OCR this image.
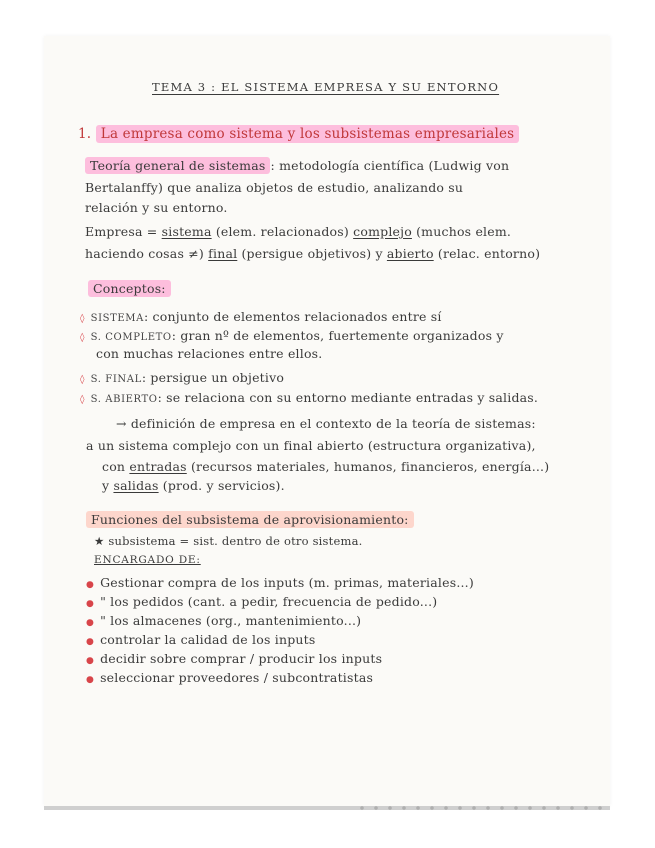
TEMA 3 : EL SISTEMA EMPRESA Y SU ENTORNO
1. La empresa como sistema y los subsistemas empresariales
Teoría general de sistemas : metodología científica (Ludwig von
Bertalanffy) que analiza objetos de estudio, analizando su
relación y su entorno.
Empresa = sistema (elem. relacionados) complejo (muchos elem.
haciendo cosas ≠) final (persigue objetivos) y abierto (relac. entorno)
Conceptos:
◊ SISTEMA: conjunto de elementos relacionados entre sí
◊ S. COMPLETO: gran nº de elementos, fuertemente organizados y
con muchas relaciones entre ellos.
◊ S. FINAL: persigue un objetivo
◊ S. ABIERTO: se relaciona con su entorno mediante entradas y salidas.
→ definición de empresa en el contexto de la teoría de sistemas:
a un sistema complejo con un final abierto (estructura organizativa),
con entradas (recursos materiales, humanos, financieros, energía...)
y salidas (prod. y servicios).
Funciones del subsistema de aprovisionamiento:
★ subsistema = sist. dentro de otro sistema.
ENCARGADO DE:
● Gestionar compra de los inputs (m. primas, materiales...)
● " los pedidos (cant. a pedir, frecuencia de pedido...)
● " los almacenes (org., mantenimiento...)
● controlar la calidad de los inputs
● decidir sobre comprar / producir los inputs
● seleccionar proveedores / subcontratistas
